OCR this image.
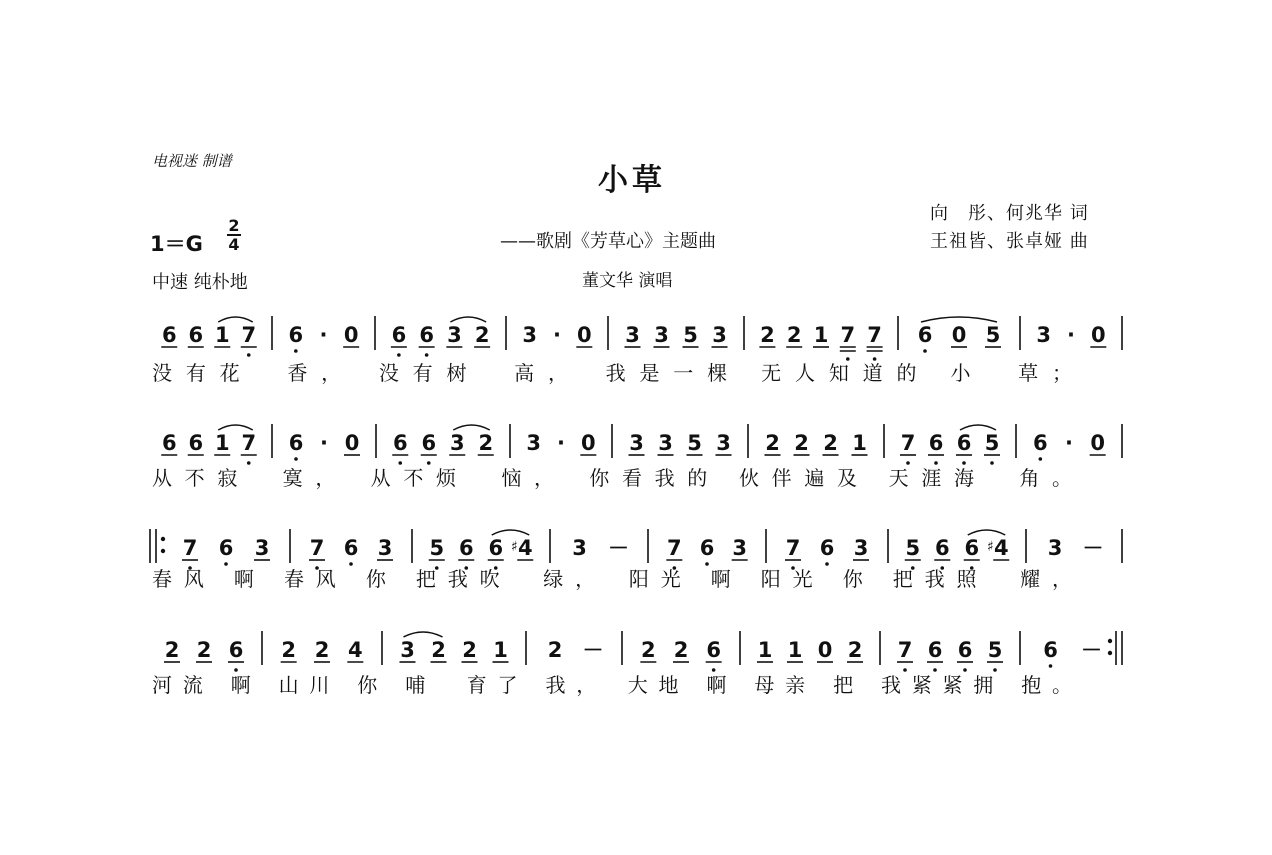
电视迷 制谱
小草
向　彤、何兆华 词
——歌剧《芳草心》主题曲	王祖皆、张卓娅 曲
1＝G
2
4
中速 纯朴地	董文华 演唱
6 6 1 7 6 · 0 6 6 3 2 3 · 0 3 3 5 3 2 2 1 7 7 6 0 5 3 · 0
没有花　香，　没有树　高，　我是一棵 无人知道的 小　草；
6 6 1 7 6 · 0 6 6 3 2 3 · 0 3 3 5 3 2 2 2 1 7 6 6 5 6 · 0
从不寂　寞，　从不烦　恼，　你看我的 伙伴遍及 天涯海　角。
7 6 3 7 6 3 5 6 6 4
♯	3 － 7 6 3 7 6 3 5 6 6 4
♯	3 －
春风 啊 春风 你 把我吹　绿，　阳光 啊 阳光 你 把我照　耀，
2 2 6 2 2 4 3 2 2 1 2 － 2 2 6 1 1 0 2 7 6 6 5 6 －
河流 啊 山川 你 哺　育了 我，　大地 啊 母亲 把 我紧紧拥 抱。
